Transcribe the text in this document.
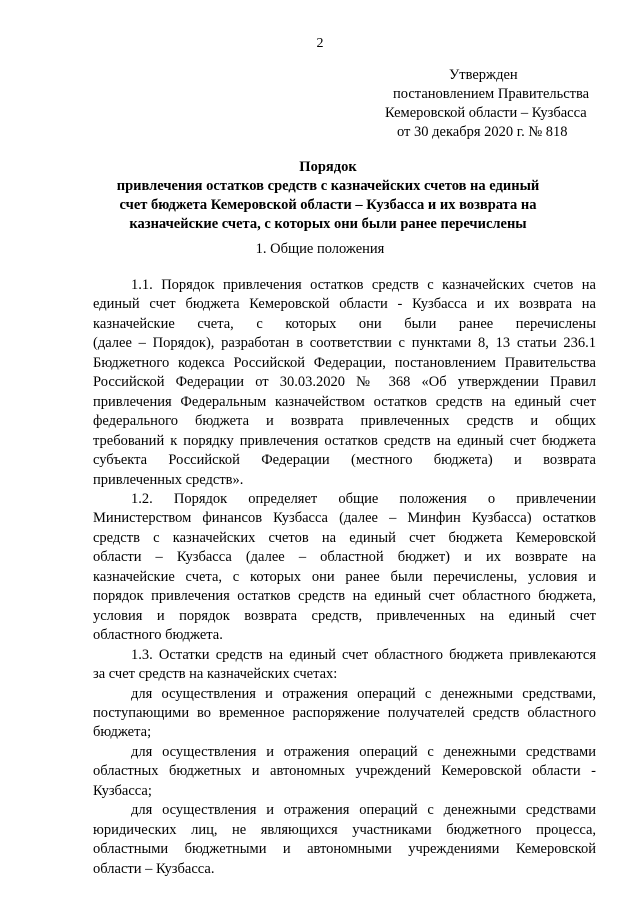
2
Утвержден
постановлением Правительства
Кемеровской области – Кузбасса
от 30 декабря 2020 г. № 818
Порядок
привлечения остатков средств с казначейских счетов на единый
счет бюджета Кемеровской области – Кузбасса и их возврата на
казначейские счета, с которых они были ранее перечислены
1. Общие положения
1.1. Порядок привлечения остатков средств с казначейских счетов на
единый счет бюджета Кемеровской области - Кузбасса и их возврата на
казначейские счета, с которых они были ранее перечислены
(далее – Порядок), разработан в соответствии с пунктами 8, 13 статьи 236.1
Бюджетного кодекса Российской Федерации, постановлением Правительства
Российской Федерации от 30.03.2020 № 368 «Об утверждении Правил
привлечения Федеральным казначейством остатков средств на единый счет
федерального бюджета и возврата привлеченных средств и общих
требований к порядку привлечения остатков средств на единый счет бюджета
субъекта Российской Федерации (местного бюджета) и возврата
привлеченных средств».
1.2. Порядок определяет общие положения о привлечении
Министерством финансов Кузбасса (далее – Минфин Кузбасса) остатков
средств с казначейских счетов на единый счет бюджета Кемеровской
области – Кузбасса (далее – областной бюджет) и их возврате на
казначейские счета, с которых они ранее были перечислены, условия и
порядок привлечения остатков средств на единый счет областного бюджета,
условия и порядок возврата средств, привлеченных на единый счет
областного бюджета.
1.3. Остатки средств на единый счет областного бюджета привлекаются
за счет средств на казначейских счетах:
для осуществления и отражения операций с денежными средствами,
поступающими во временное распоряжение получателей средств областного
бюджета;
для осуществления и отражения операций с денежными средствами
областных бюджетных и автономных учреждений Кемеровской области -
Кузбасса;
для осуществления и отражения операций с денежными средствами
юридических лиц, не являющихся участниками бюджетного процесса,
областными бюджетными и автономными учреждениями Кемеровской
области – Кузбасса.
